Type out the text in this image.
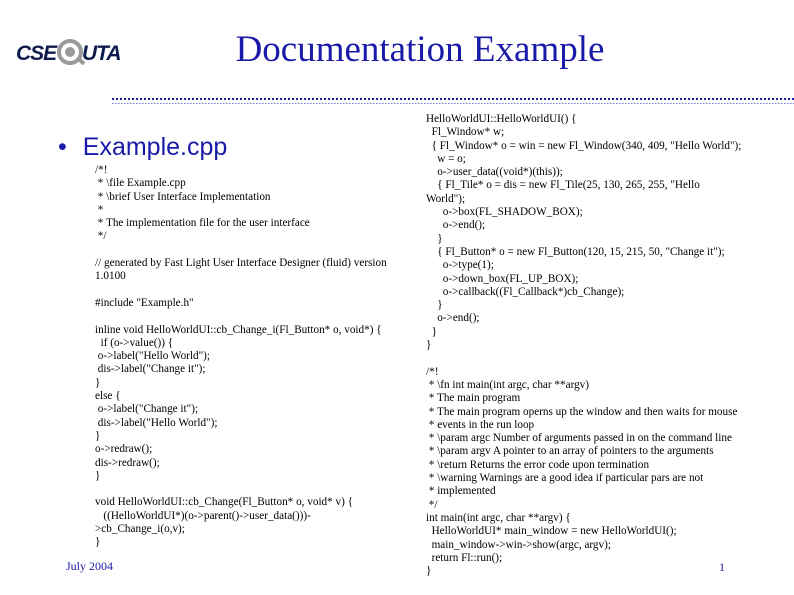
CSE UTA	Documentation Example
• Example.cpp
/*!
* \file Example.cpp
* \brief User Interface Implementation
*
* The implementation file for the user interface
*/

// generated by Fast Light User Interface Designer (fluid) version
1.0100

#include "Example.h"

inline void HelloWorldUI::cb_Change_i(Fl_Button* o, void*) {
if (o->value()) {
o->label("Hello World");
dis->label("Change it");
}
else {
o->label("Change it");
dis->label("Hello World");
}
o->redraw();
dis->redraw();
}

void HelloWorldUI::cb_Change(Fl_Button* o, void* v) {
((HelloWorldUI*)(o->parent()->user_data()))-
>cb_Change_i(o,v);
}
HelloWorldUI::HelloWorldUI() {
Fl_Window* w;
{ Fl_Window* o = win = new Fl_Window(340, 409, "Hello World");
w = o;
o->user_data((void*)(this));
{ Fl_Tile* o = dis = new Fl_Tile(25, 130, 265, 255, "Hello
World");
o->box(FL_SHADOW_BOX);
o->end();
}
{ Fl_Button* o = new Fl_Button(120, 15, 215, 50, "Change it");
o->type(1);
o->down_box(FL_UP_BOX);
o->callback((Fl_Callback*)cb_Change);
}
o->end();
}
}

/*!
* \fn int main(int argc, char **argv)
* The main program
* The main program operns up the window and then waits for mouse
* events in the run loop
* \param argc Number of arguments passed in on the command line
* \param argv A pointer to an array of pointers to the arguments
* \return Returns the error code upon termination
* \warning Warnings are a good idea if particular pars are not
* implemented
*/
int main(int argc, char **argv) {
HelloWorldUI* main_window = new HelloWorldUI();
main_window->win->show(argc, argv);
return Fl::run();
}
July 2004	1
